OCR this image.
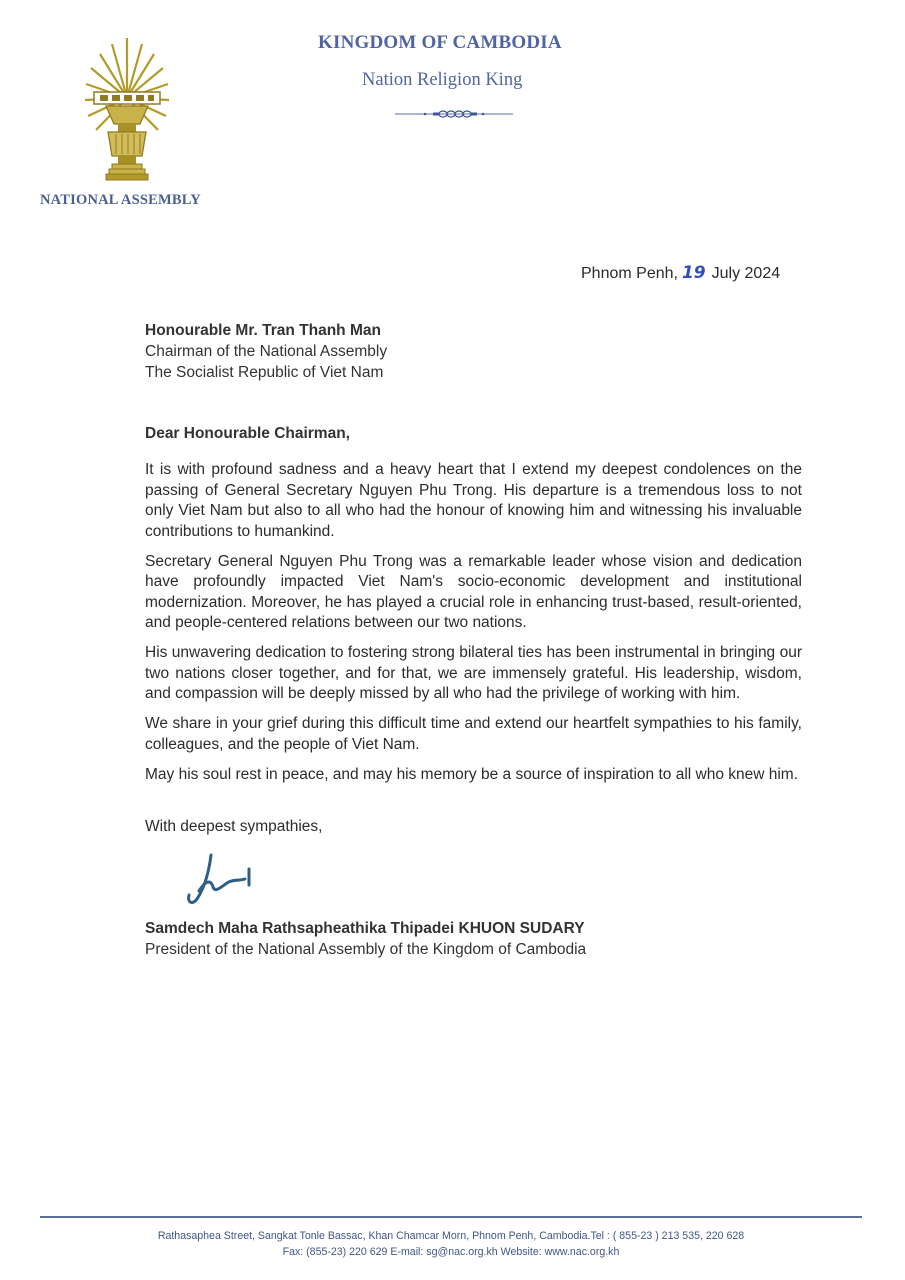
NATIONAL ASSEMBLY
KINGDOM OF CAMBODIA
Nation Religion King
Phnom Penh, 19 July 2024
Honourable Mr. Tran Thanh Man
Chairman of the National Assembly
The Socialist Republic of Viet Nam
Dear Honourable Chairman,

It is with profound sadness and a heavy heart that I extend my deepest condolences on the passing of General Secretary Nguyen Phu Trong. His departure is a tremendous loss to not only Viet Nam but also to all who had the honour of knowing him and witnessing his invaluable contributions to humankind.

Secretary General Nguyen Phu Trong was a remarkable leader whose vision and dedication have profoundly impacted Viet Nam's socio-economic development and institutional modernization. Moreover, he has played a crucial role in enhancing trust-based, result-oriented, and people-centered relations between our two nations.

His unwavering dedication to fostering strong bilateral ties has been instrumental in bringing our two nations closer together, and for that, we are immensely grateful. His leadership, wisdom, and compassion will be deeply missed by all who had the privilege of working with him.

We share in your grief during this difficult time and extend our heartfelt sympathies to his family, colleagues, and the people of Viet Nam.

May his soul rest in peace, and may his memory be a source of inspiration to all who knew him.

With deepest sympathies,
Samdech Maha Rathsapheathika Thipadei KHUON SUDARY
President of the National Assembly of the Kingdom of Cambodia
Rathasaphea Street, Sangkat Tonle Bassac, Khan Chamcar Morn, Phnom Penh, Cambodia.Tel : ( 855-23 ) 213 535, 220 628
Fax: (855-23) 220 629 E-mail: sg@nac.org.kh Website: www.nac.org.kh
